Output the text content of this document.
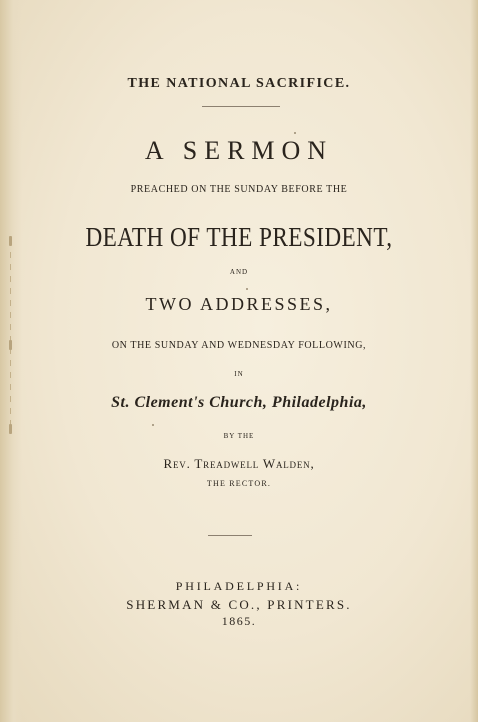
THE NATIONAL SACRIFICE.
A SERMON
PREACHED ON THE SUNDAY BEFORE THE
DEATH OF THE PRESIDENT,
AND
TWO ADDRESSES,
ON THE SUNDAY AND WEDNESDAY FOLLOWING,
IN
St. Clement's Church, Philadelphia,
BY THE
Rev. Treadwell Walden,
THE RECTOR.
PHILADELPHIA:
SHERMAN & CO., PRINTERS.
1865.
